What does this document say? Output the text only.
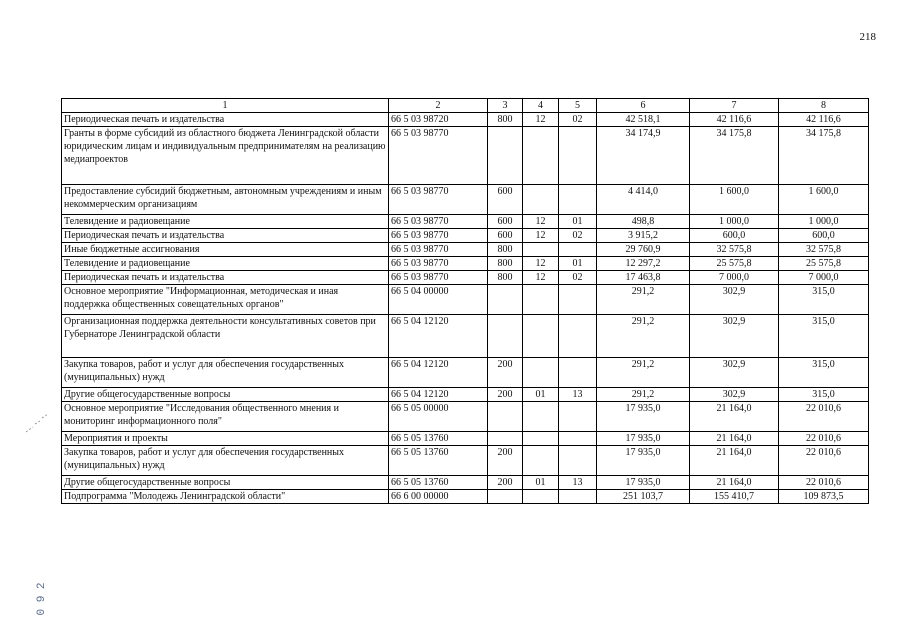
218
1	2	3	4	5	6	7	8
Периодическая печать и издательства	66 5 03 98720	800	12	02	42 518,1	42 116,6	42 116,6
Гранты в форме субсидий из областного бюджета Ленинградской области юридическим лицам и индивидуальным предпринимателям на реализацию медиапроектов	66 5 03 98770				34 174,9	34 175,8	34 175,8
Предоставление субсидий бюджетным, автономным учреждениям и иным некоммерческим организациям	66 5 03 98770	600			4 414,0	1 600,0	1 600,0
Телевидение и радиовещание	66 5 03 98770	600	12	01	498,8	1 000,0	1 000,0
Периодическая печать и издательства	66 5 03 98770	600	12	02	3 915,2	600,0	600,0
Иные бюджетные ассигнования	66 5 03 98770	800			29 760,9	32 575,8	32 575,8
Телевидение и радиовещание	66 5 03 98770	800	12	01	12 297,2	25 575,8	25 575,8
Периодическая печать и издательства	66 5 03 98770	800	12	02	17 463,8	7 000,0	7 000,0
Основное мероприятие "Информационная, методическая и иная поддержка общественных совещательных органов"	66 5 04 00000				291,2	302,9	315,0
Организационная поддержка деятельности консультативных советов при Губернаторе Ленинградской области	66 5 04 12120				291,2	302,9	315,0
Закупка товаров, работ и услуг для обеспечения государственных (муниципальных) нужд	66 5 04 12120	200			291,2	302,9	315,0
Другие общегосударственные вопросы	66 5 04 12120	200	01	13	291,2	302,9	315,0
Основное мероприятие "Исследования общественного мнения и мониторинг информационного поля"	66 5 05 00000				17 935,0	21 164,0	22 010,6
Мероприятия и проекты	66 5 05 13760				17 935,0	21 164,0	22 010,6
Закупка товаров, работ и услуг для обеспечения государственных (муниципальных) нужд	66 5 05 13760	200			17 935,0	21 164,0	22 010,6
Другие общегосударственные вопросы	66 5 05 13760	200	01	13	17 935,0	21 164,0	22 010,6
Подпрограмма "Молодежь Ленинградской области"	66 6 00 00000				251 103,7	155 410,7	109 873,5
0 9 2
